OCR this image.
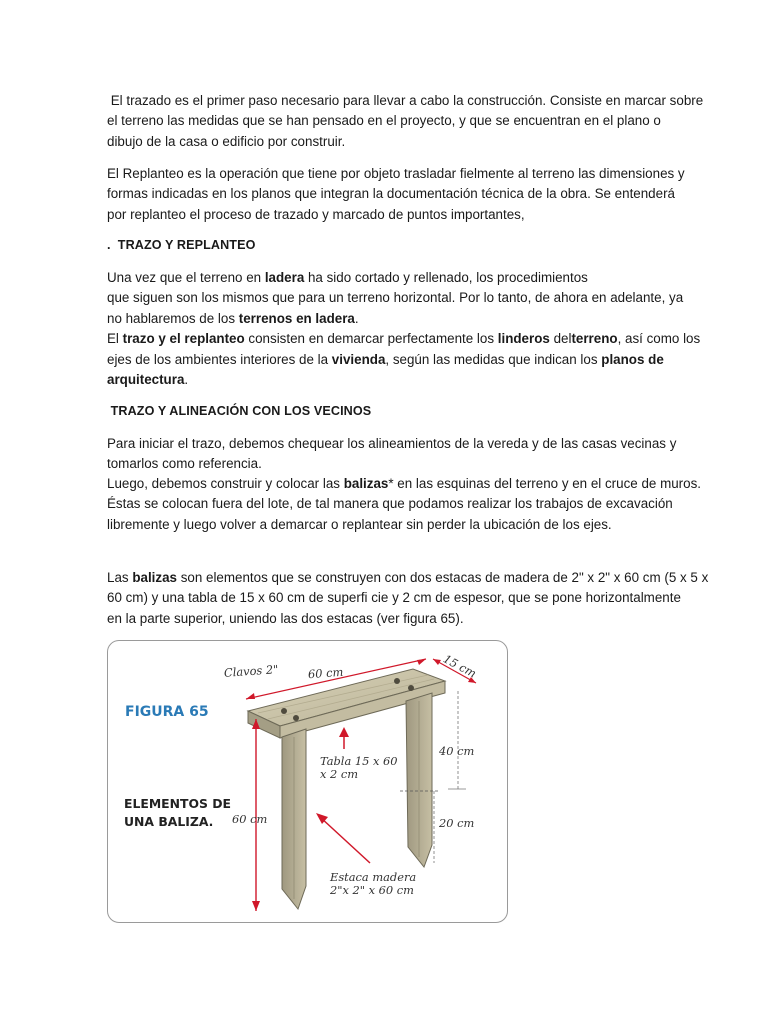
El trazado es el primer paso necesario para llevar a cabo la construcción. Consiste en marcar sobre
el terreno las medidas que se han pensado en el proyecto, y que se encuentran en el plano o
dibujo de la casa o edificio por construir.

El Replanteo es la operación que tiene por objeto trasladar fielmente al terreno las dimensiones y
formas indicadas en los planos que integran la documentación técnica de la obra. Se entenderá
por replanteo el proceso de trazado y marcado de puntos importantes,

.  TRAZO Y REPLANTEO

Una vez que el terreno en ladera ha sido cortado y rellenado, los procedimientos
que siguen son los mismos que para un terreno horizontal. Por lo tanto, de ahora en adelante, ya
no hablaremos de los terrenos en ladera.
El trazo y el replanteo consisten en demarcar perfectamente los linderos delterreno, así como los
ejes de los ambientes interiores de la vivienda, según las medidas que indican los planos de
arquitectura.

TRAZO Y ALINEACIÓN CON LOS VECINOS

Para iniciar el trazo, debemos chequear los alineamientos de la vereda y de las casas vecinas y
tomarlos como referencia.

Luego, debemos construir y colocar las balizas* en las esquinas del terreno y en el cruce de muros.
Éstas se colocan fuera del lote, de tal manera que podamos realizar los trabajos de excavación
libremente y luego volver a demarcar o replantear sin perder la ubicación de los ejes.

Las balizas son elementos que se construyen con dos estacas de madera de 2" x 2" x 60 cm (5 x 5 x
60 cm) y una tabla de 15 x 60 cm de superfi cie y 2 cm de espesor, que se pone horizontalmente
en la parte superior, uniendo las dos estacas (ver figura 65).

FIGURA 65
ELEMENTOS DE
UNA BALIZA.
Clavos 2"	60 cm	15 cm
Tabla 15 x 60
x 2 cm
40 cm
60 cm	20 cm
Estaca madera
2"x 2" x 60 cm
